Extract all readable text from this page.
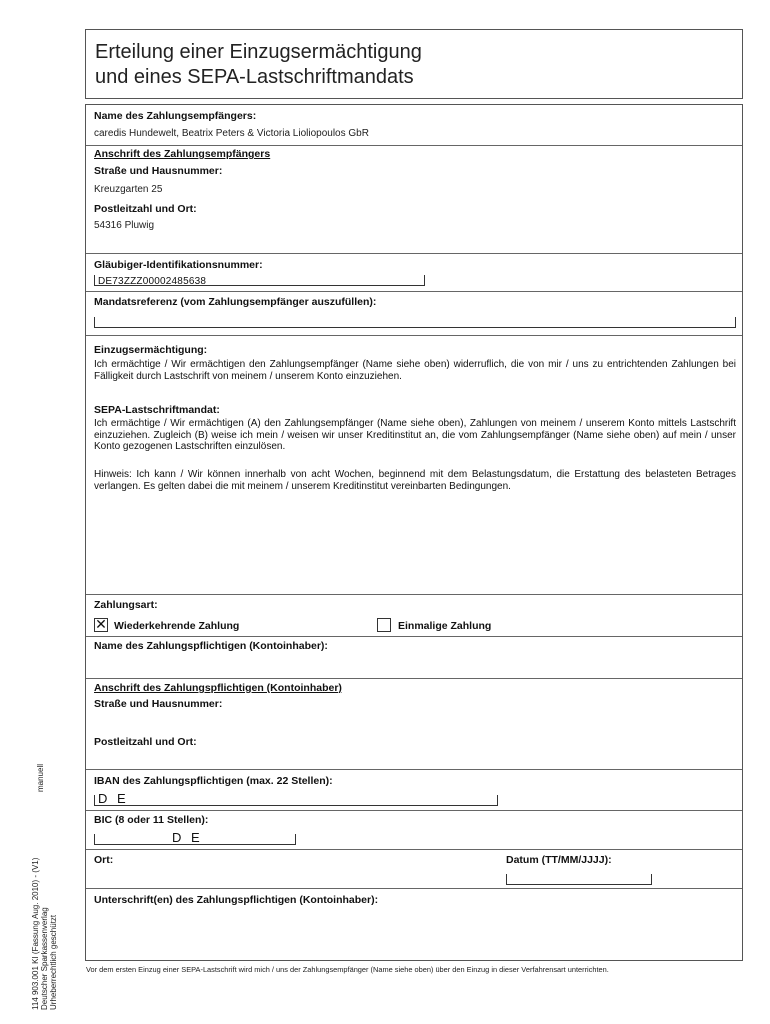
Erteilung einer Einzugsermächtigung
und eines SEPA-Lastschriftmandats
Name des Zahlungsempfängers:
caredis Hundewelt, Beatrix Peters & Victoria Lioliopoulos GbR
Anschrift des Zahlungsempfängers
Straße und Hausnummer:
Kreuzgarten 25
Postleitzahl und Ort:
54316 Pluwig
Gläubiger-Identifikationsnummer:
DE73ZZZ00002485638
Mandatsreferenz (vom Zahlungsempfänger auszufüllen):
Einzugsermächtigung:
Ich ermächtige / Wir ermächtigen den Zahlungsempfänger (Name siehe oben) widerruflich, die von mir / uns zu entrichtenden Zahlungen bei Fälligkeit durch Lastschrift von meinem / unserem Konto einzuziehen.
SEPA-Lastschriftmandat:
Ich ermächtige / Wir ermächtigen (A) den Zahlungsempfänger (Name siehe oben), Zahlungen von meinem / unserem Konto mittels Lastschrift einzuziehen. Zugleich (B) weise ich mein / weisen wir unser Kreditinstitut an, die vom Zahlungsempfänger (Name siehe oben) auf mein / unser Konto gezogenen Lastschriften einzulösen.
Hinweis: Ich kann / Wir können innerhalb von acht Wochen, beginnend mit dem Belastungsdatum, die Erstattung des belasteten Betrages verlangen. Es gelten dabei die mit meinem / unserem Kreditinstitut vereinbarten Bedingungen.
Zahlungsart:
✕ Wiederkehrende Zahlung	Einmalige Zahlung
Name des Zahlungspflichtigen (Kontoinhaber):
Anschrift des Zahlungspflichtigen (Kontoinhaber)
Straße und Hausnummer:
Postleitzahl und Ort:
IBAN des Zahlungspflichtigen (max. 22 Stellen):
D E
BIC (8 oder 11 Stellen):
D E
Ort:	Datum (TT/MM/JJJJ):
Unterschrift(en) des Zahlungspflichtigen (Kontoinhaber):
Vor dem ersten Einzug einer SEPA-Lastschrift wird mich / uns der Zahlungsempfänger (Name siehe oben) über den Einzug in dieser Verfahrensart unterrichten.
manuell
114 903.001 KI (Fassung Aug. 2010) - (V1) Deutscher Sparkassenverlag Urheberrechtlich geschützt
